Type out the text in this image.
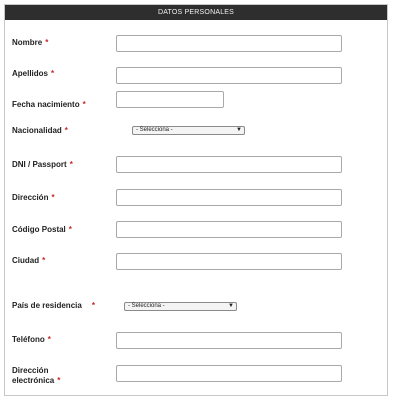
DATOS PERSONALES
Nombre *
Apellidos *
Fecha nacimiento *
Nacionalidad *	- Selecciona -	▼
DNI / Passport *
Dirección *
Código Postal *
Ciudad *
País de residencia *	- Selecciona -	▼
Teléfono *
Dirección
electrónica *
